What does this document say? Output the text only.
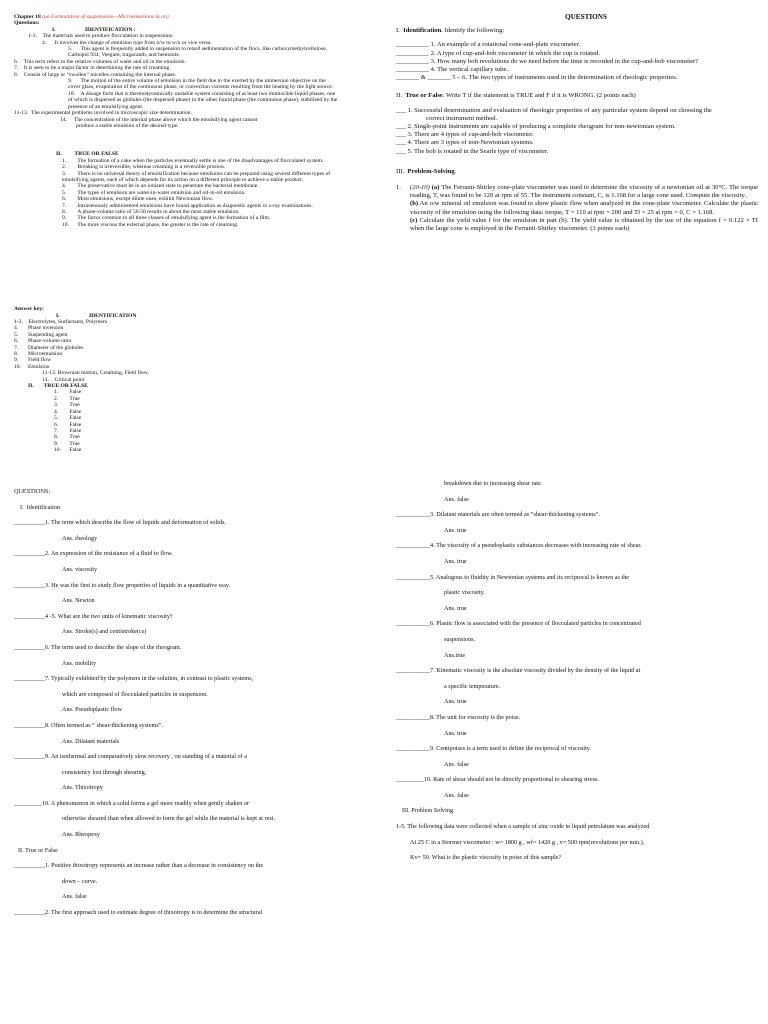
Chapter 18 (ua Formulation of suspensions—Microemulsions la on)
Questions:
I.                     IDENTIFICATION :
1-3.    The materials used to produce flocculation in suspensions.
4.      It involves the change of emulsion type from o/w to w/o or vice versa.
5.      This agent is frequently added in suspension to retard sedimentation of the flocs, like carboxymethylcellulose,
Carbopol 934, Veegum, tragacanth, and bentonite.
6.    This term refers to the relative volumes of water and oil in the emulsion.
7.    It is seen to be a major factor in determining the rate of creaming.
8.    Consist of large or “swollen” micelles containing the internal phase.
9.      The motion of the entire volume of emulsion in the field due to the exerted by the immersion objective on the
cover glass, evaporation of the continuous phase, or convection currents resulting from the heating by the light source.
10.    A dosage form that is thermodynamically unstable system consisting of at least two immiscible liquid phases, one
of which is dispersed as globules (the dispersed phase) in the other liquid phase (the continuous phase), stabilized by the
presence of an emulsifying agent.
11-13.  The experimental problems involved in microscopic size determination.
14.     The concentration of the internal phase above which the emulsifying agent cannot
produce a stable emulsion of the desired type.
II.         TRUE OR FALSE
1.        The formation of a cake when the particles eventually settle is one of the disadvantages of flocculated system.
2.        Breaking is irreversible, whereas creaming is a reversible process.
3.        There is no universal theory of emulsification because emulsions can be prepared using several different types of
emulsifying agents, each of which depends for its action on a different principle to achieve a stable product.
4.        The preservative must be in an ionized state to penetrate the bacterial membrane.
5.        The types of emulsion are water-in-water emulsion and oil-in-oil emulsion.
6.        Most emulsions, except dilute ones, exhibit Newtonian flow.
7.        Intravenously administered emulsions have found application as diagnostic agents in x-ray examinations.
8.        A phase-volume ratio of 50:50 results in about the most stable emulsion.
9.        The factor common to all three classes of emulsifying agent is the formation of a film.
10.      The more viscous the external phase, the greater is the rate of creaming.
Answer key:
I.                     IDENTIFICATION
1-3.    Electrolytes, Surfactants, Polymers
4.       Phase inversion
5.       Suspending agent
6.       Phase-volume ratio
7.       Diameter of the globules
8.       Microemulsion
9.       Field flow
10.     Emulsion
11-13. Brownian motion, Creaming, Field flow.
14.    Critical point
II.       TRUE OR FALSE
1.        False
2.        True
3.        True
4.        False
5.        False
6.        False
7.        False
8.        True
9.        True
10.      False
QUESTIONS

I. Identification. Identify the following:

__________ 1. An example of a rotational cone-and-plate viscometer.

__________ 2. A type of cup-and-bob viscometer in which the cup is rotated.

__________ 3. How many bob revolutions do we need before the time is recorded in the cup-and-bob viscometer?

__________ 4. The vertical capillary tube.

_______ & _______ 5 – 6. The two types of instruments used in the determination of rheologic properties.

II. True or False. Write T if the statement is TRUE and F if it is WRONG. (2 points each)

___ 1. Successful determination and evaluation of rheologic properties of any particular system depend on choosing the

correct instrument method.

___ 2. Single-point instruments are capable of producing a complete rheogram for non-newtonian system.

___ 3. There are 4 types of cup-and-bob viscometer.

___ 4. There are 3 types of non-Newtonian systems.

___ 5. The bob is rotated in the Searle type of viscometer.

III. Problem-Solving.

1.	(20-10) (a) The Ferranti-Shirley cone-plate viscometer was used to determine the viscosity of a newtonian oil at 30°C. The torque reading, T, was found to be 120 at rpm of 55. The instrument constant, C, is 1.168 for a large cone used. Compute the viscosity.

(b) An o/w mineral oil emulsion was found to show plastic flow when analyzed in the cone-plate viscometer. Calculate the plastic viscosity of the emulsion using the following data: torque, T = 110 at rpm = 200 and Tf = 25 at rpm = 0, C = 1.168.

(c) Calculate the yield value f for the emulsion in part (b). The yield value is obtained by the use of the equation f = 0.122 × Tf when the large cone is employed in the Ferranti-Shirley viscometer. (3 points each)

QUESTIONS:
I.  Identification
__________1. The term which describe the flow of liquids and deformation of solids.
Ans. rheology
__________2. An expression of the resistance of a fluid to flow.
Ans. viscosity
__________3. He was the first to study flow properties of liquids in a quantitative way.
Ans. Newton
__________4 -5. What are the two units of kinematic viscosity?
Ans. Stroke(s) and centistroke(cs)
__________6. The term used to describe the slope of the rheogram.
Ans. mobility
__________7. Typically exhibited by the polymers in the solution, in contrast to plastic systems,
which are composed of flocculated particles in suspension.
Ans. Pseudoplastic flow
__________8. Often termed as “ shear-thickening systems”.
Ans. Dilatant materials
__________9. An isothermal and comparatively slow recovery , on standing of a material of a
consistency lost through shearing.
Ans. Thixotropy
_________10. A phenomenon in which a solid forms a gel more readily when gently shaken or
otherwise sheared than when allowed to form the gel while the material is kept at rest.
Ans. Rheopexy
II. True or False
__________1. Positive thixotropy represents an increase rather than a decrease in consistency on the
down – curve.
Ans. false
__________2. The first approach used to estimate degree of thixotropy is to determine the structural
breakdown due to increasing shear rate.
Ans. false
___________3. Dilatant materials are often termed as “shear-thickening systems”.
Ans. true
___________4. The viscosity of a pseudoplastic substances decreases with increasing rate of shear.
Ans. true
___________5. Analogous to fluidity in Newtonian systems and its reciprocal is known as the
plastic viscosity.
Ans. true
___________6. Plastic flow is associated with the presence of flocculated particles in concentrated
suspensions.
Ans.true
___________7. Kinematic viscosity is the absolute viscosity divided by the density of the liquid at
a specific temperature.
Ans. true
___________8. The unit for viscosity is the poise.
Ans. true
___________9. Centipoises is a term used to define the reciprocal of viscosity.
Ans. false
_________10. Rate of shear should not be directly proportional to shearing stress.
Ans. false
III. Problem Solving
1-5. The following data were collected when a sample of zinc oxide in liquid petrolatum was analyzed
At 25 C in a Stormer viscometer : w= 1800 g , wf= 1420 g , v= 500 rpm(revolutions per min.),
Kv= 50. What is the plastic viscosity in poise of this sample?
